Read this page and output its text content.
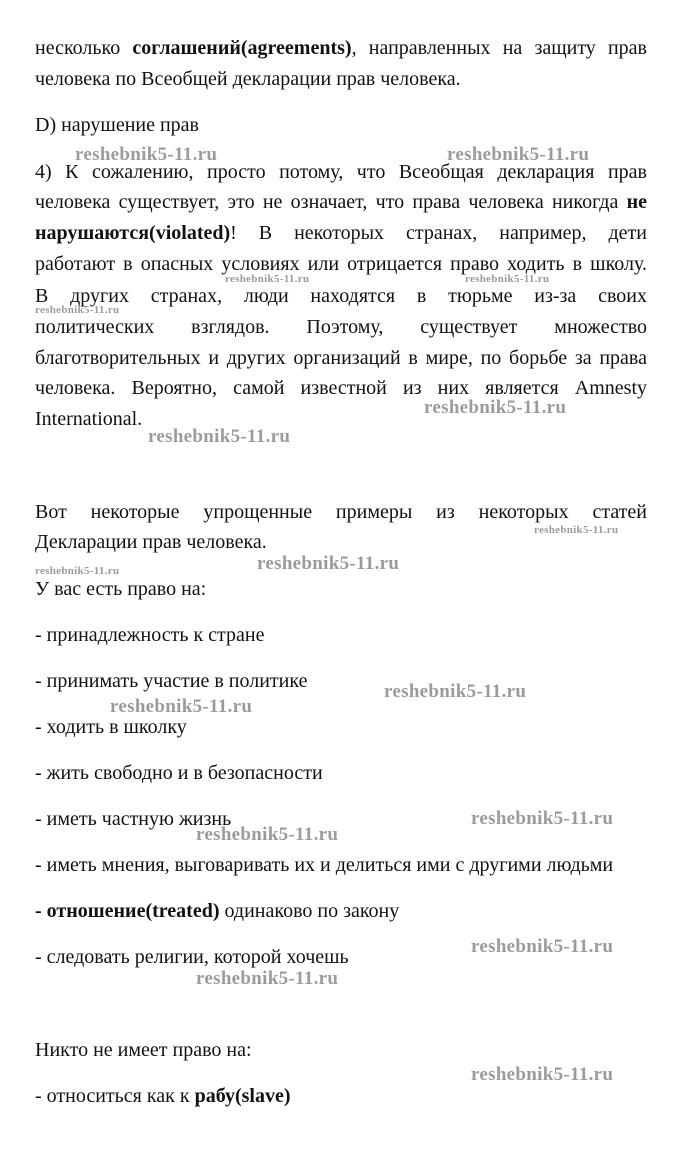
несколько соглашений(agreements), направленных на защиту прав
человека по Всеобщей декларации прав человека.
D) нарушение прав
4) К сожалению, просто потому, что Всеобщая декларация прав
человека существует, это не означает, что права человека никогда не
нарушаются(violated)! В некоторых странах, например, дети
работают в опасных условиях или отрицается право ходить в школу.
В других странах, люди находятся в тюрьме из-за своих
политических взглядов. Поэтому, существует множество
благотворительных и других организаций в мире, по борьбе за права
человека. Вероятно, самой известной из них является Amnesty
International.
Вот некоторые упрощенные примеры из некоторых статей
Декларации прав человека.
У вас есть право на:
- принадлежность к стране
- принимать участие в политике
- ходить в школку
- жить свободно и в безопасности
- иметь частную жизнь
- иметь мнения, выговаривать их и делиться ими с другими людьми
- отношение(treated) одинаково по закону
- следовать религии, которой хочешь
Никто не имеет право на:
- относиться как к рабу(slave)
reshebnik5-11.ru	reshebnik5-11.ru
reshebnik5-11.ru	reshebnik5-11.ru
reshebnik5-11.ru
reshebnik5-11.ru
reshebnik5-11.ru
reshebnik5-11.ru
reshebnik5-11.ru	reshebnik5-11.ru
reshebnik5-11.ru
reshebnik5-11.ru
reshebnik5-11.ru
reshebnik5-11.ru
reshebnik5-11.ru
reshebnik5-11.ru
reshebnik5-11.ru
